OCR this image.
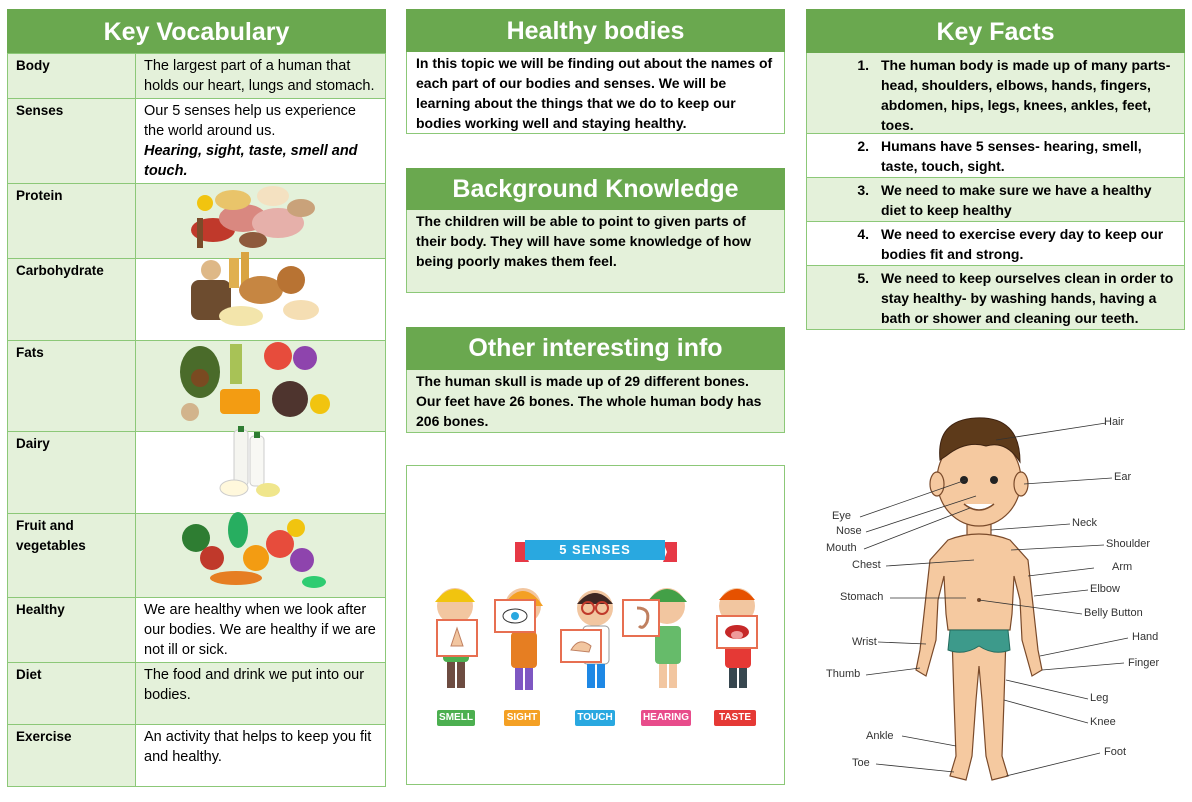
Key Vocabulary
Body	The largest part of a human that holds our heart, lungs and stomach.
Senses	Our 5 senses help us experience the world around us.
Hearing, sight, taste, smell and touch.

Protein	
Carbohydrate	
Fats	
Dairy	
Fruit and vegetables	
Healthy	We are healthy when we look after our bodies. We are healthy if we are not ill or sick.
Diet	The food and drink we put into our bodies.
Exercise	An activity that helps to keep you fit and healthy.
Healthy bodies
In this topic we will be finding out about the names of each part of our bodies and senses. We will be learning about the things that we do to keep our bodies working well and staying healthy.
Background Knowledge
The children will be able to point to given parts of their body. They will have some knowledge of how being poorly makes them feel.
Other interesting info
The human skull is made up of 29 different bones. Our feet have 26 bones. The whole human body has 206 bones.
5 SENSES
SMELL	SIGHT	TOUCH	HEARING	TASTE
Key Facts
1. The human body is made up of many parts- head, shoulders, elbows, hands, fingers, abdomen, hips, legs, knees, ankles, feet, toes.
2. Humans have 5 senses- hearing, smell, taste, touch, sight.
3. We need to make sure we have a healthy diet to keep healthy
4. We need to exercise every day to keep our bodies fit and strong.
5. We need to keep ourselves clean in order to stay healthy- by washing hands, having a bath or shower and cleaning our teeth.
Hair
Ear
Neck
Shoulder
Arm
Elbow
Belly Button
Hand
Finger
Leg
Knee
Foot
Eye
Nose
Mouth
Chest
Stomach
Wrist
Thumb
Ankle
Toe
